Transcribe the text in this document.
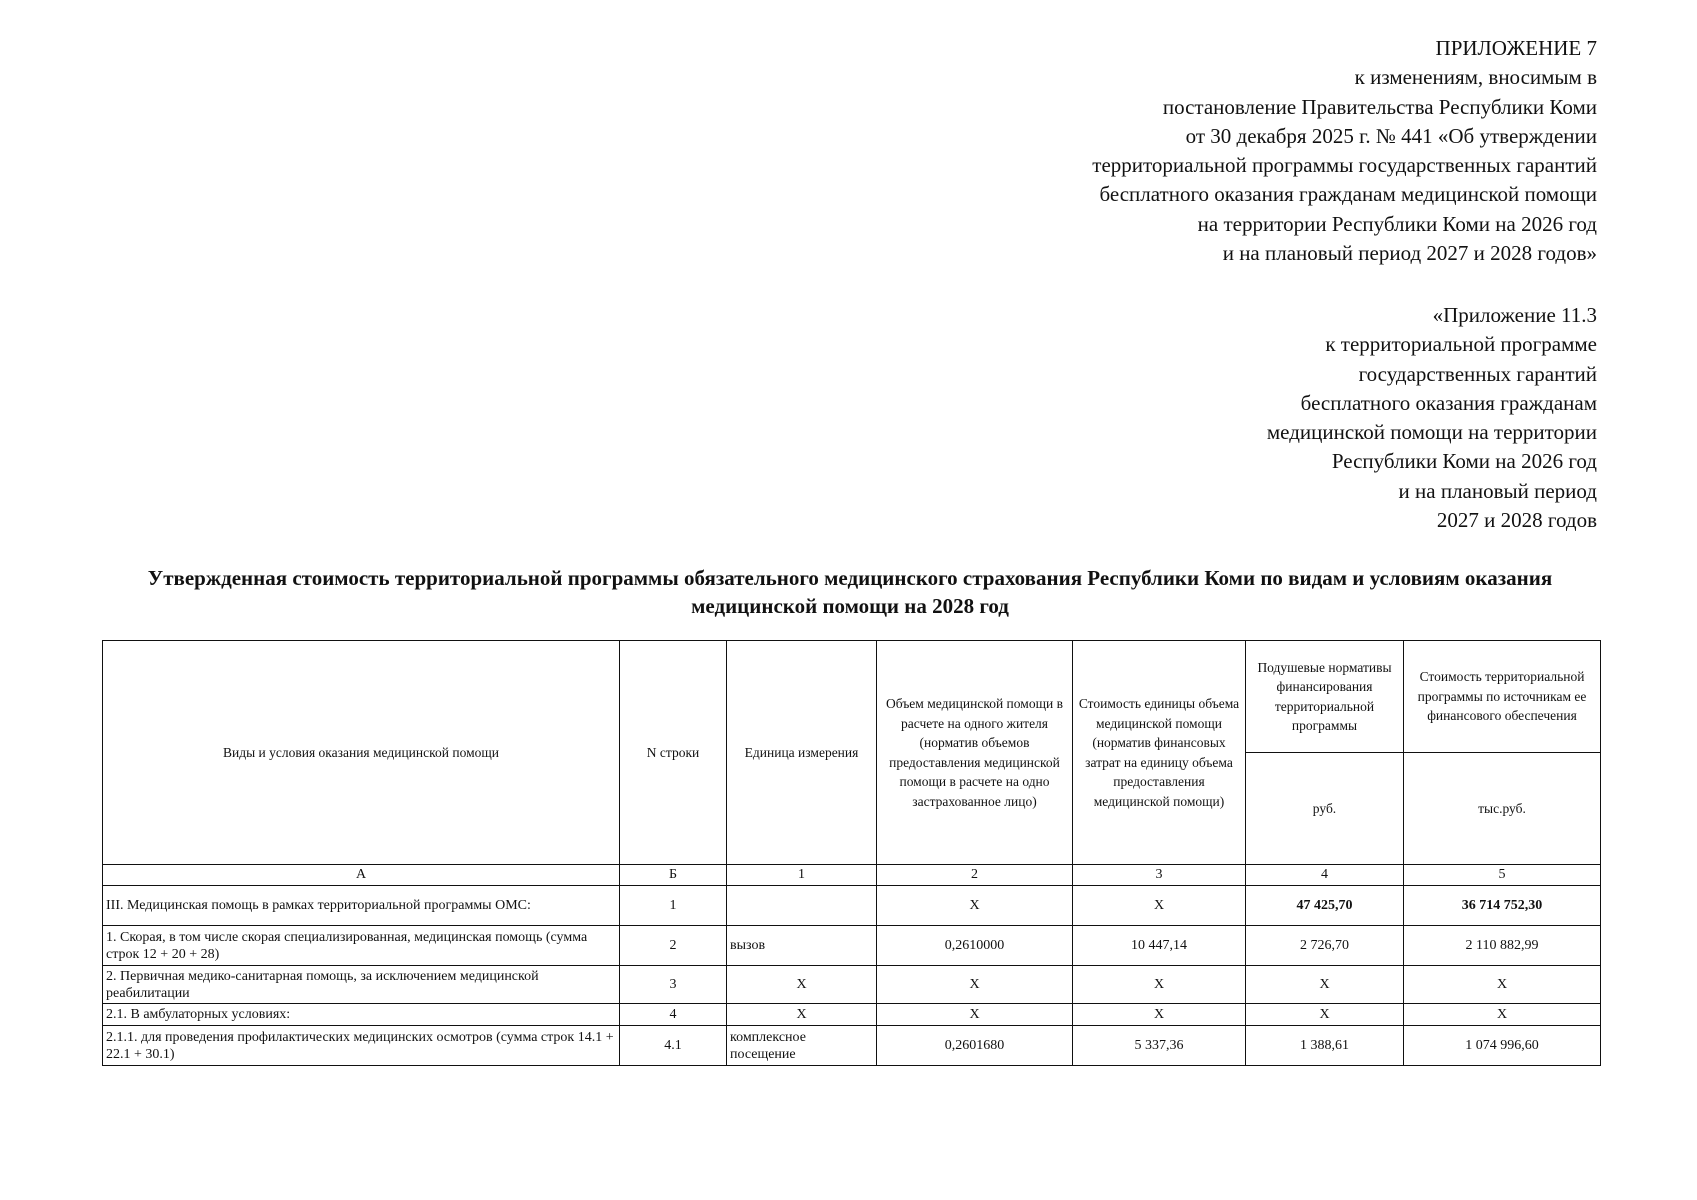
ПРИЛОЖЕНИЕ 7
к изменениям, вносимым в
постановление Правительства Республики Коми
от 30 декабря 2025 г. № 441 «Об утверждении
территориальной программы государственных гарантий
бесплатного оказания гражданам медицинской помощи
на территории Республики Коми на 2026 год
и на плановый период 2027 и 2028 годов»
«Приложение 11.3
к территориальной программе
государственных гарантий
бесплатного оказания гражданам
медицинской помощи на территории
Республики Коми на 2026 год
и на плановый период
2027 и 2028 годов
Утвержденная стоимость территориальной программы обязательного медицинского страхования Республики Коми по видам и условиям оказания
медицинской помощи на 2028 год
Виды и условия оказания медицинской помощи	N строки	Единица измерения	Объем медицинской помощи в расчете на одного жителя (норматив объемов предоставления медицинской помощи в расчете на одно застрахованное лицо)	Стоимость единицы объема медицинской помощи (норматив финансовых затрат на единицу объема предоставления медицинской помощи)	Подушевые нормативы финансирования территориальной программы	Стоимость территориальной программы по источникам ее финансового обеспечения
					руб.	тыс.руб.
А	Б	1	2	3	4	5
III. Медицинская помощь в рамках территориальной программы ОМС:	1		Х	Х	47 425,70	36 714 752,30
1. Скорая, в том числе скорая специализированная, медицинская помощь (сумма строк 12 + 20 + 28)	2	вызов	0,2610000	10 447,14	2 726,70	2 110 882,99
2. Первичная медико-санитарная помощь, за исключением медицинской реабилитации	3	Х	Х	Х	Х	Х
2.1. В амбулаторных условиях:	4	Х	Х	Х	Х	Х
2.1.1. для проведения профилактических медицинских осмотров (сумма строк 14.1 + 22.1 + 30.1)	4.1	комплексное посещение	0,2601680	5 337,36	1 388,61	1 074 996,60
